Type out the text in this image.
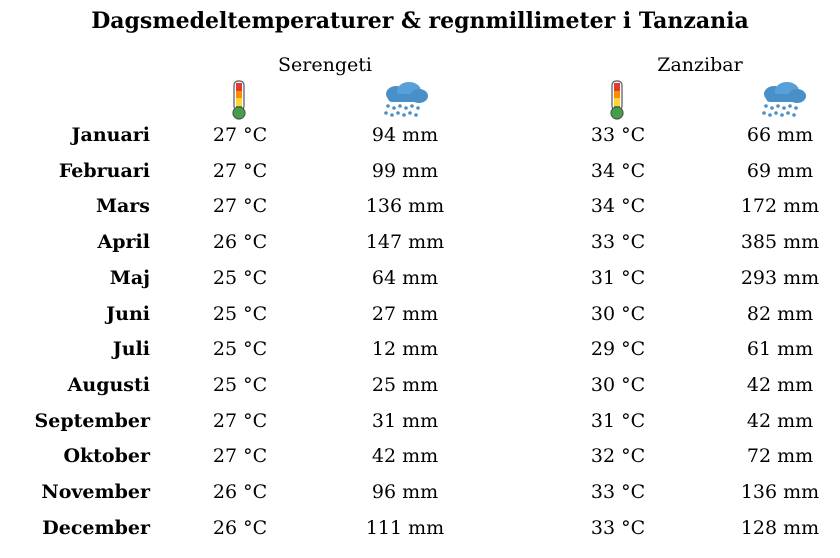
Dagsmedeltemperaturer & regnmillimeter i Tanzania
Serengeti	Zanzibar
Januari	27 °C	94 mm	33 °C	66 mm
Februari	27 °C	99 mm	34 °C	69 mm
Mars	27 °C	136 mm	34 °C	172 mm
April	26 °C	147 mm	33 °C	385 mm
Maj	25 °C	64 mm	31 °C	293 mm
Juni	25 °C	27 mm	30 °C	82 mm
Juli	25 °C	12 mm	29 °C	61 mm
Augusti	25 °C	25 mm	30 °C	42 mm
September	27 °C	31 mm	31 °C	42 mm
Oktober	27 °C	42 mm	32 °C	72 mm
November	26 °C	96 mm	33 °C	136 mm
December	26 °C	111 mm	33 °C	128 mm
